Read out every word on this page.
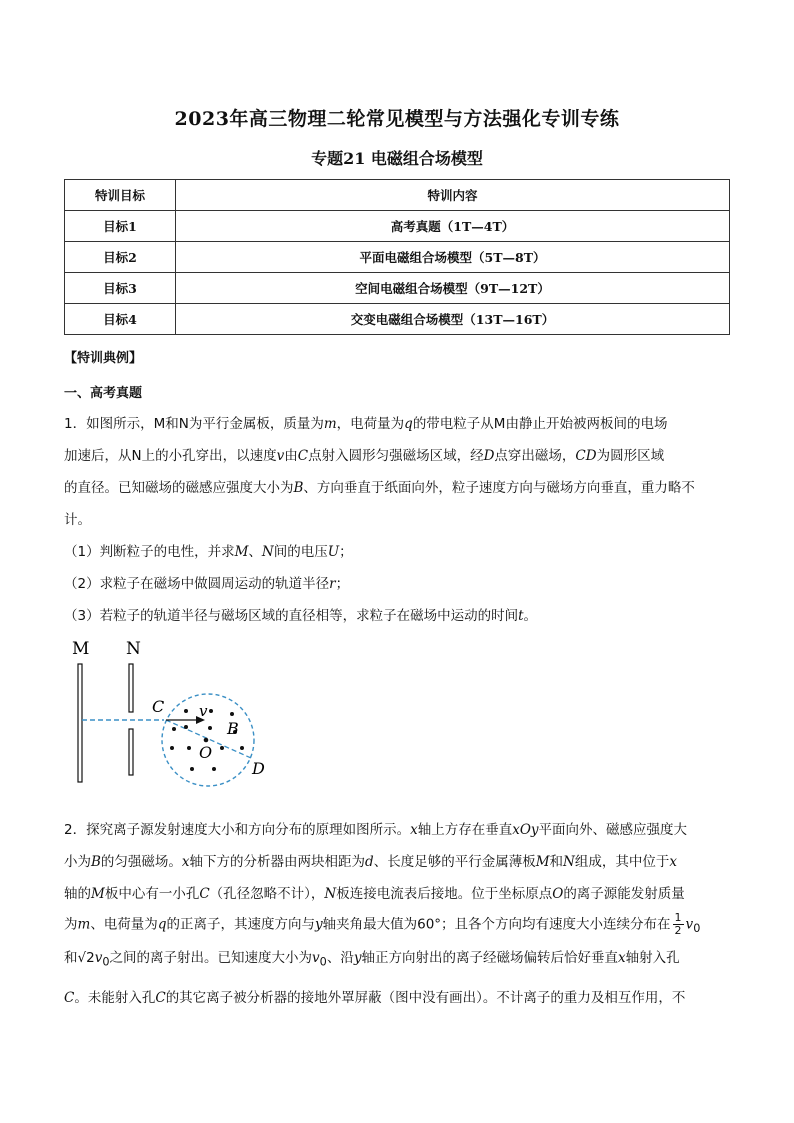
2023年高三物理二轮常见模型与方法强化专训专练
专题21 电磁组合场模型
特训目标	特训内容
目标1	高考真题（1T—4T）
目标2	平面电磁组合场模型（5T—8T）
目标3	空间电磁组合场模型（9T—12T）
目标4	交变电磁组合场模型（13T—16T）
【特训典例】
一、高考真题
1．如图所示，M和N为平行金属板，质量为m，电荷量为q的带电粒子从M由静止开始被两板间的电场
加速后，从N上的小孔穿出，以速度v由C点射入圆形匀强磁场区域，经D点穿出磁场，CD为圆形区域
的直径。已知磁场的磁感应强度大小为B、方向垂直于纸面向外，粒子速度方向与磁场方向垂直，重力略不
计。
（1）判断粒子的电性，并求M、N间的电压U；
（2）求粒子在磁场中做圆周运动的轨道半径r；
（3）若粒子的轨道半径与磁场区域的直径相等，求粒子在磁场中运动的时间t。
M N
C v
B
O
D
2．探究离子源发射速度大小和方向分布的原理如图所示。x轴上方存在垂直xOy平面向外、磁感应强度大
小为B的匀强磁场。x轴下方的分析器由两块相距为d、长度足够的平行金属薄板M和N组成，其中位于x
轴的M板中心有一小孔C（孔径忽略不计），N板连接电流表后接地。位于坐标原点O的离子源能发射质量
为m、电荷量为q的正离子，其速度方向与y轴夹角最大值为60°；且各个方向均有速度大小连续分布在 $\frac{1}{2} v_0$
和$√2v_0$之间的离子射出。已知速度大小为$v_0$、沿y轴正方向射出的离子经磁场偏转后恰好垂直x轴射入孔
C。未能射入孔C的其它离子被分析器的接地外罩屏蔽（图中没有画出）。不计离子的重力及相互作用，不
